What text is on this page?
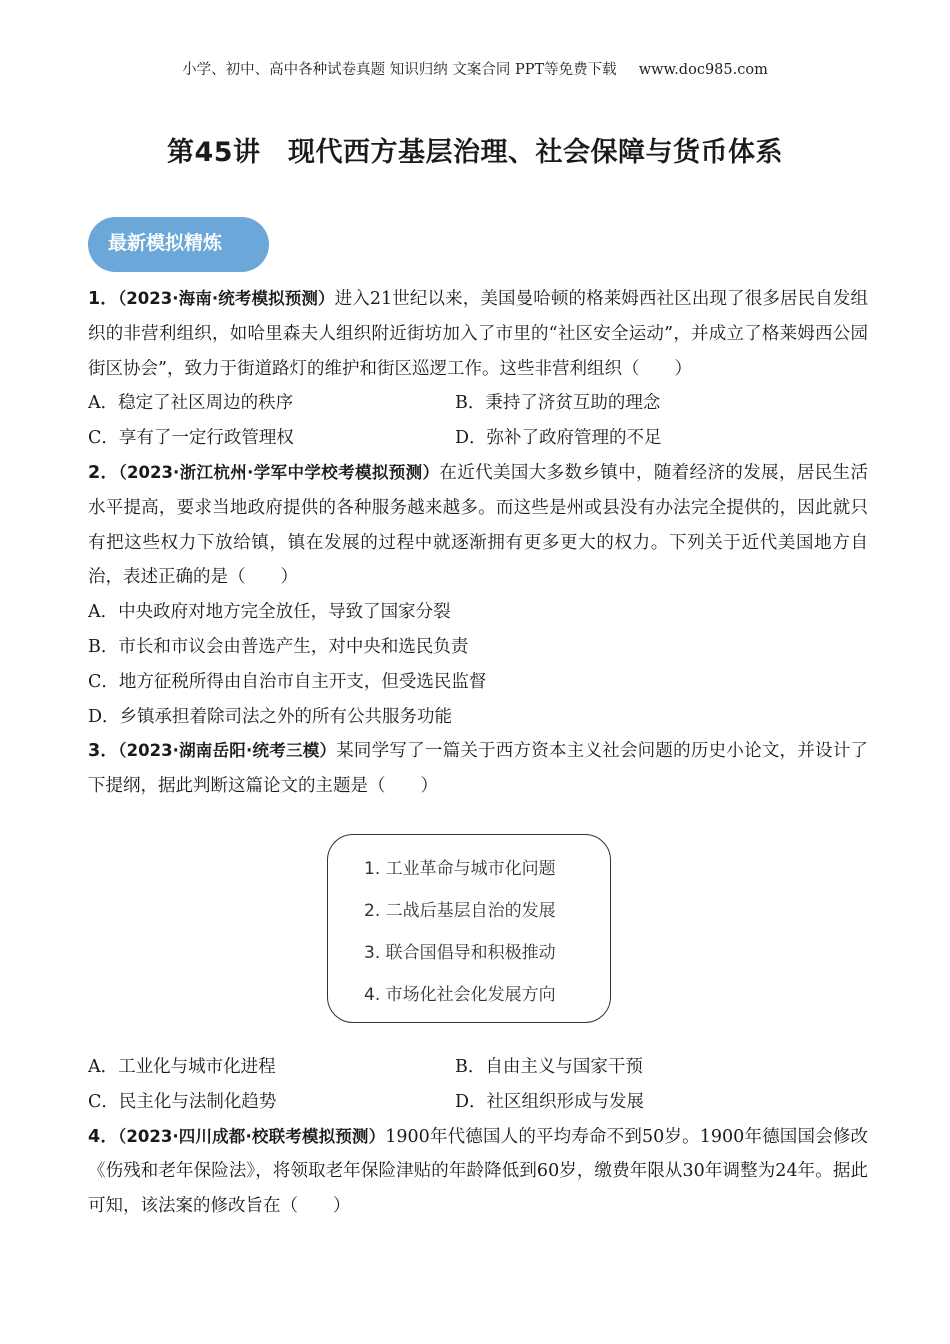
小学、初中、高中各种试卷真题 知识归纳 文案合同 PPT等免费下载 www.doc985.com
第45讲　现代西方基层治理、社会保障与货币体系
最新模拟精炼

1．（2023·海南·统考模拟预测）进入21世纪以来，美国曼哈顿的格莱姆西社区出现了很多居民自发组织的非营利组织，如哈里森夫人组织附近街坊加入了市里的“社区安全运动”，并成立了格莱姆西公园街区协会”，致力于街道路灯的维护和街区巡逻工作。这些非营利组织（　　）

A．稳定了社区周边的秩序	B．秉持了济贫互助的理念
C．享有了一定行政管理权	D．弥补了政府管理的不足

2．（2023·浙江杭州·学军中学校考模拟预测）在近代美国大多数乡镇中，随着经济的发展，居民生活水平提高，要求当地政府提供的各种服务越来越多。而这些是州或县没有办法完全提供的，因此就只有把这些权力下放给镇，镇在发展的过程中就逐渐拥有更多更大的权力。下列关于近代美国地方自治，表述正确的是（　　）

A．中央政府对地方完全放任，导致了国家分裂
B．市长和市议会由普选产生，对中央和选民负责
C．地方征税所得由自治市自主开支，但受选民监督
D．乡镇承担着除司法之外的所有公共服务功能

3．（2023·湖南岳阳·统考三模）某同学写了一篇关于西方资本主义社会问题的历史小论文，并设计了下提纲，据此判断这篇论文的主题是（　　）

1. 工业革命与城市化问题
2. 二战后基层自治的发展
3. 联合国倡导和积极推动
4. 市场化社会化发展方向
A．工业化与城市化进程	B．自由主义与国家干预
C．民主化与法制化趋势	D．社区组织形成与发展

4．（2023·四川成都·校联考模拟预测）1900年代德国人的平均寿命不到50岁。1900年德国国会修改《伤残和老年保险法》，将领取老年保险津贴的年龄降低到60岁，缴费年限从30年调整为24年。据此可知，该法案的修改旨在（　　）
